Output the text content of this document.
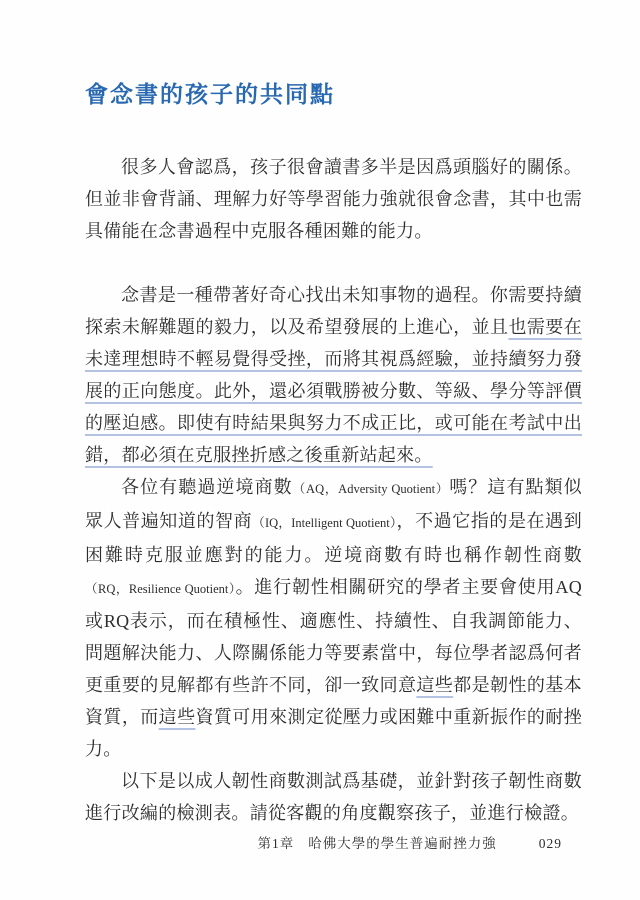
會念書的孩子的共同點

很多人會認爲，孩子很會讀書多半是因爲頭腦好的關係。但並非會背誦、理解力好等學習能力強就很會念書，其中也需具備能在念書過程中克服各種困難的能力。

念書是一種帶著好奇心找出未知事物的過程。你需要持續探索未解難題的毅力，以及希望發展的上進心，並且也需要在未達理想時不輕易覺得受挫，而將其視爲經驗，並持續努力發展的正向態度。此外，還必須戰勝被分數、等級、學分等評價的壓迫感。即使有時結果與努力不成正比，或可能在考試中出錯，都必須在克服挫折感之後重新站起來。

各位有聽過逆境商數（AQ，Adversity Quotient）嗎？這有點類似眾人普遍知道的智商（IQ，Intelligent Quotient），不過它指的是在遇到困難時克服並應對的能力。逆境商數有時也稱作韌性商數（RQ，Resilience Quotient）。進行韌性相關研究的學者主要會使用AQ或RQ表示，而在積極性、適應性、持續性、自我調節能力、問題解決能力、人際關係能力等要素當中，每位學者認爲何者更重要的見解都有些許不同，卻一致同意這些都是韌性的基本資質，而這些資質可用來測定從壓力或困難中重新振作的耐挫力。

以下是以成人韌性商數測試爲基礎，並針對孩子韌性商數進行改編的檢測表。請從客觀的角度觀察孩子，並進行檢證。

第1章 哈佛大學的學生普遍耐挫力強	029
